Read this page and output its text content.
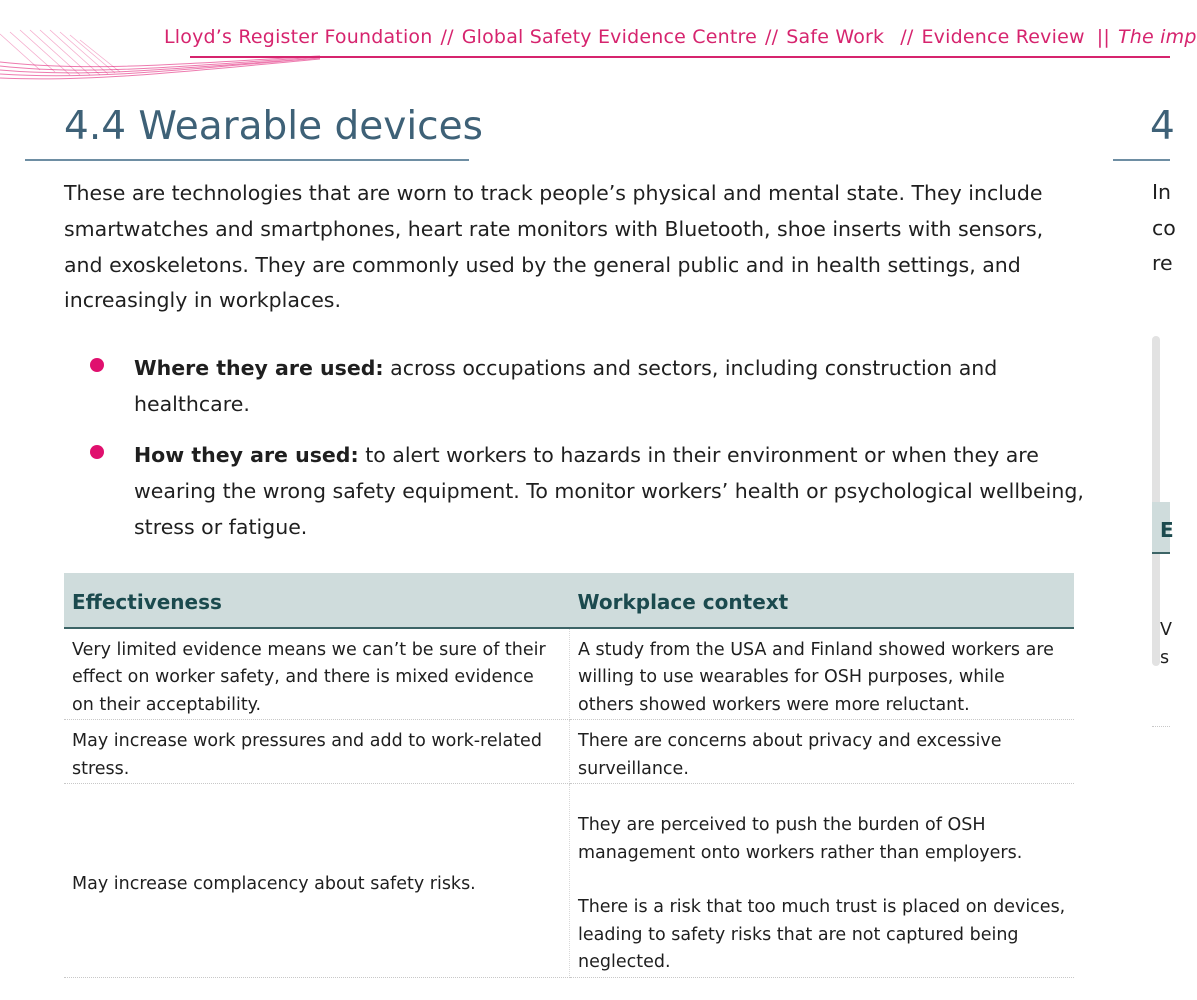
Lloyd’s Register Foundation // Global Safety Evidence Centre // Safe Work // Evidence Review || The imp
4.4 Wearable devices

These are technologies that are worn to track people’s physical and mental state. They include smartwatches and smartphones, heart rate monitors with Bluetooth, shoe inserts with sensors, and exoskeletons. They are commonly used by the general public and in health settings, and increasingly in workplaces.

Where they are used: across occupations and sectors, including construction and healthcare.
How they are used: to alert workers to hazards in their environment or when they are wearing the wrong safety equipment. To monitor workers’ health or psychological wellbeing, stress or fatigue.
Effectiveness	Workplace context
Very limited evidence means we can’t be sure of their effect on worker safety, and there is mixed evidence on their acceptability.	A study from the USA and Finland showed workers are willing to use wearables for OSH purposes, while others showed workers were more reluctant.

May increase work pressures and add to work-related stress.	There are concerns about privacy and excessive surveillance.

May increase complacency about safety risks.	They are perceived to push the burden of OSH management onto workers rather than employers.

There is a risk that too much trust is placed on devices, leading to safety risks that are not captured being neglected.

4
In
co
re
E
V
s
